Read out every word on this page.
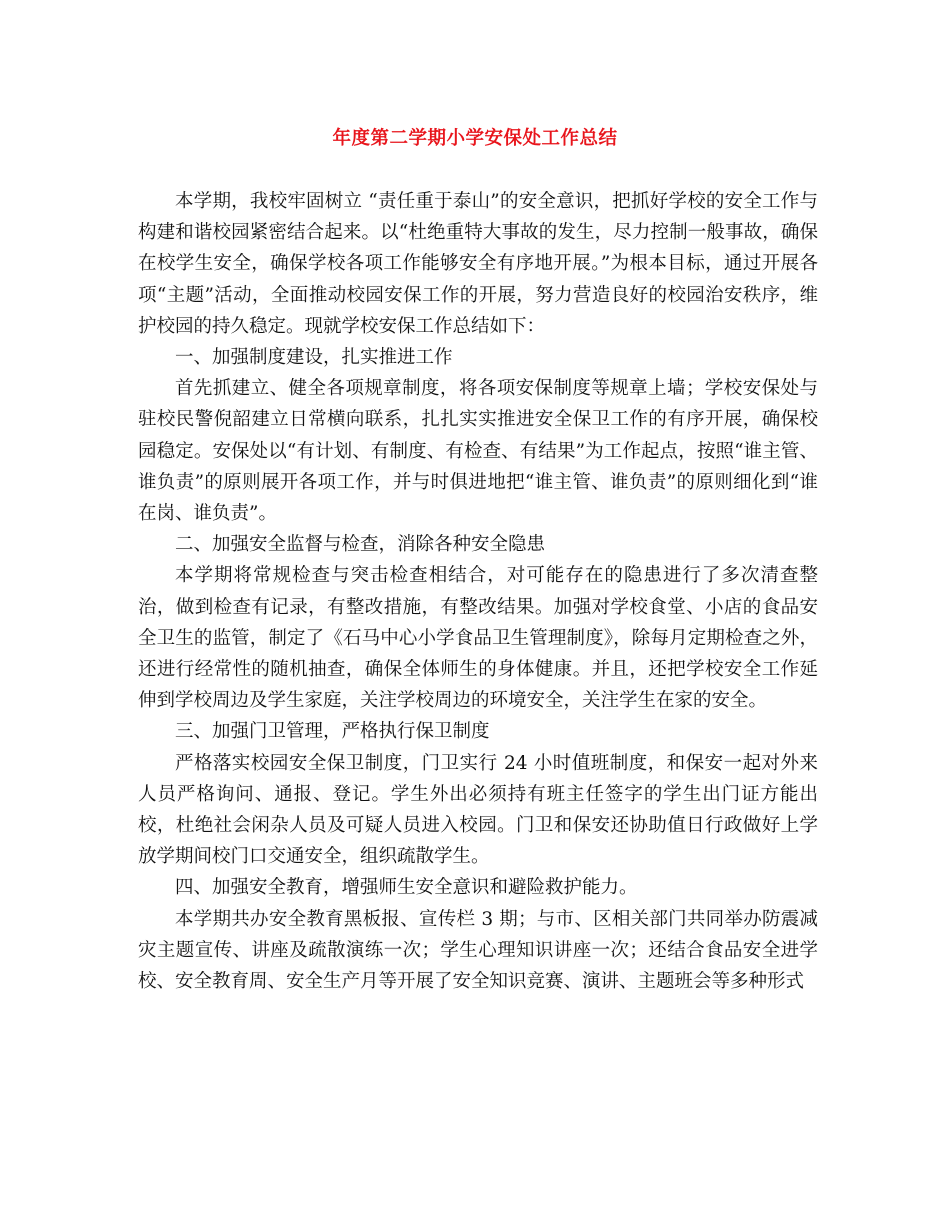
年度第二学期小学安保处工作总结

本学期，我校牢固树立 “责任重于泰山”的安全意识，把抓好学校的安全工作与构建和谐校园紧密结合起来。以“杜绝重特大事故的发生，尽力控制一般事故，确保在校学生安全，确保学校各项工作能够安全有序地开展。”为根本目标，通过开展各项“主题”活动，全面推动校园安保工作的开展，努力营造良好的校园治安秩序，维护校园的持久稳定。现就学校安保工作总结如下：

一、加强制度建设，扎实推进工作

首先抓建立、健全各项规章制度，将各项安保制度等规章上墙；学校安保处与驻校民警倪韶建立日常横向联系，扎扎实实推进安全保卫工作的有序开展，确保校园稳定。安保处以“有计划、有制度、有检查、有结果”为工作起点，按照“谁主管、谁负责”的原则展开各项工作，并与时俱进地把“谁主管、谁负责”的原则细化到“谁在岗、谁负责”。

二、加强安全监督与检查，消除各种安全隐患

本学期将常规检查与突击检查相结合，对可能存在的隐患进行了多次清查整治，做到检查有记录，有整改措施，有整改结果。加强对学校食堂、小店的食品安全卫生的监管，制定了《石马中心小学食品卫生管理制度》，除每月定期检查之外，还进行经常性的随机抽查，确保全体师生的身体健康。并且，还把学校安全工作延伸到学校周边及学生家庭，关注学校周边的环境安全，关注学生在家的安全。

三、加强门卫管理，严格执行保卫制度

严格落实校园安全保卫制度，门卫实行 24 小时值班制度，和保安一起对外来人员严格询问、通报、登记。学生外出必须持有班主任签字的学生出门证方能出校，杜绝社会闲杂人员及可疑人员进入校园。门卫和保安还协助值日行政做好上学放学期间校门口交通安全，组织疏散学生。

四、加强安全教育，增强师生安全意识和避险救护能力。

本学期共办安全教育黑板报、宣传栏 3 期；与市、区相关部门共同举办防震减灾主题宣传、讲座及疏散演练一次；学生心理知识讲座一次；还结合食品安全进学校、安全教育周、安全生产月等开展了安全知识竞赛、演讲、主题班会等多种形式
